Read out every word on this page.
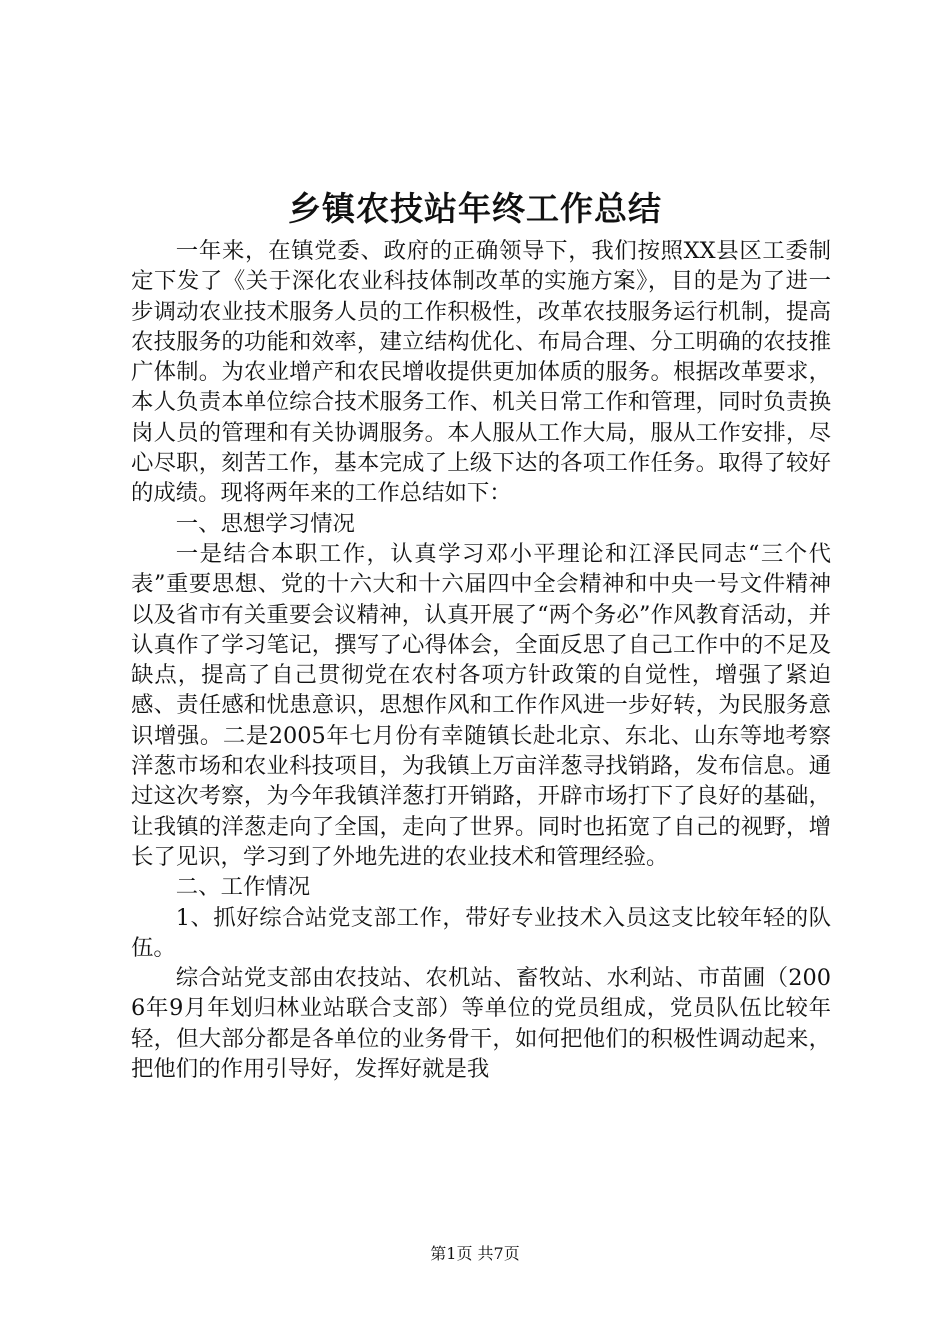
乡镇农技站年终工作总结

一年来，在镇党委、政府的正确领导下，我们按照XX县区工委制定下发了《关于深化农业科技体制改革的实施方案》，目的是为了进一步调动农业技术服务人员的工作积极性，改革农技服务运行机制，提高农技服务的功能和效率，建立结构优化、布局合理、分工明确的农技推广体制。为农业增产和农民增收提供更加体质的服务。根据改革要求，本人负责本单位综合技术服务工作、机关日常工作和管理，同时负责换岗人员的管理和有关协调服务。本人服从工作大局，服从工作安排，尽心尽职，刻苦工作，基本完成了上级下达的各项工作任务。取得了较好的成绩。现将两年来的工作总结如下：

一、思想学习情况

一是结合本职工作，认真学习邓小平理论和江泽民同志“三个代表”重要思想、党的十六大和十六届四中全会精神和中央一号文件精神以及省市有关重要会议精神，认真开展了“两个务必”作风教育活动，并认真作了学习笔记，撰写了心得体会，全面反思了自己工作中的不足及缺点，提高了自己贯彻党在农村各项方针政策的自觉性，增强了紧迫感、责任感和忧患意识，思想作风和工作作风进一步好转，为民服务意识增强。二是2005年七月份有幸随镇长赴北京、东北、山东等地考察洋葱市场和农业科技项目，为我镇上万亩洋葱寻找销路，发布信息。通过这次考察，为今年我镇洋葱打开销路，开辟市场打下了良好的基础，让我镇的洋葱走向了全国，走向了世界。同时也拓宽了自己的视野，增长了见识，学习到了外地先进的农业技术和管理经验。

二、工作情况

1、抓好综合站党支部工作，带好专业技术入员这支比较年轻的队伍。

综合站党支部由农技站、农机站、畜牧站、水利站、市苗圃（2006年9月年划归林业站联合支部）等单位的党员组成，党员队伍比较年轻，但大部分都是各单位的业务骨干，如何把他们的积极性调动起来，把他们的作用引导好，发挥好就是我

第1页 共7页
